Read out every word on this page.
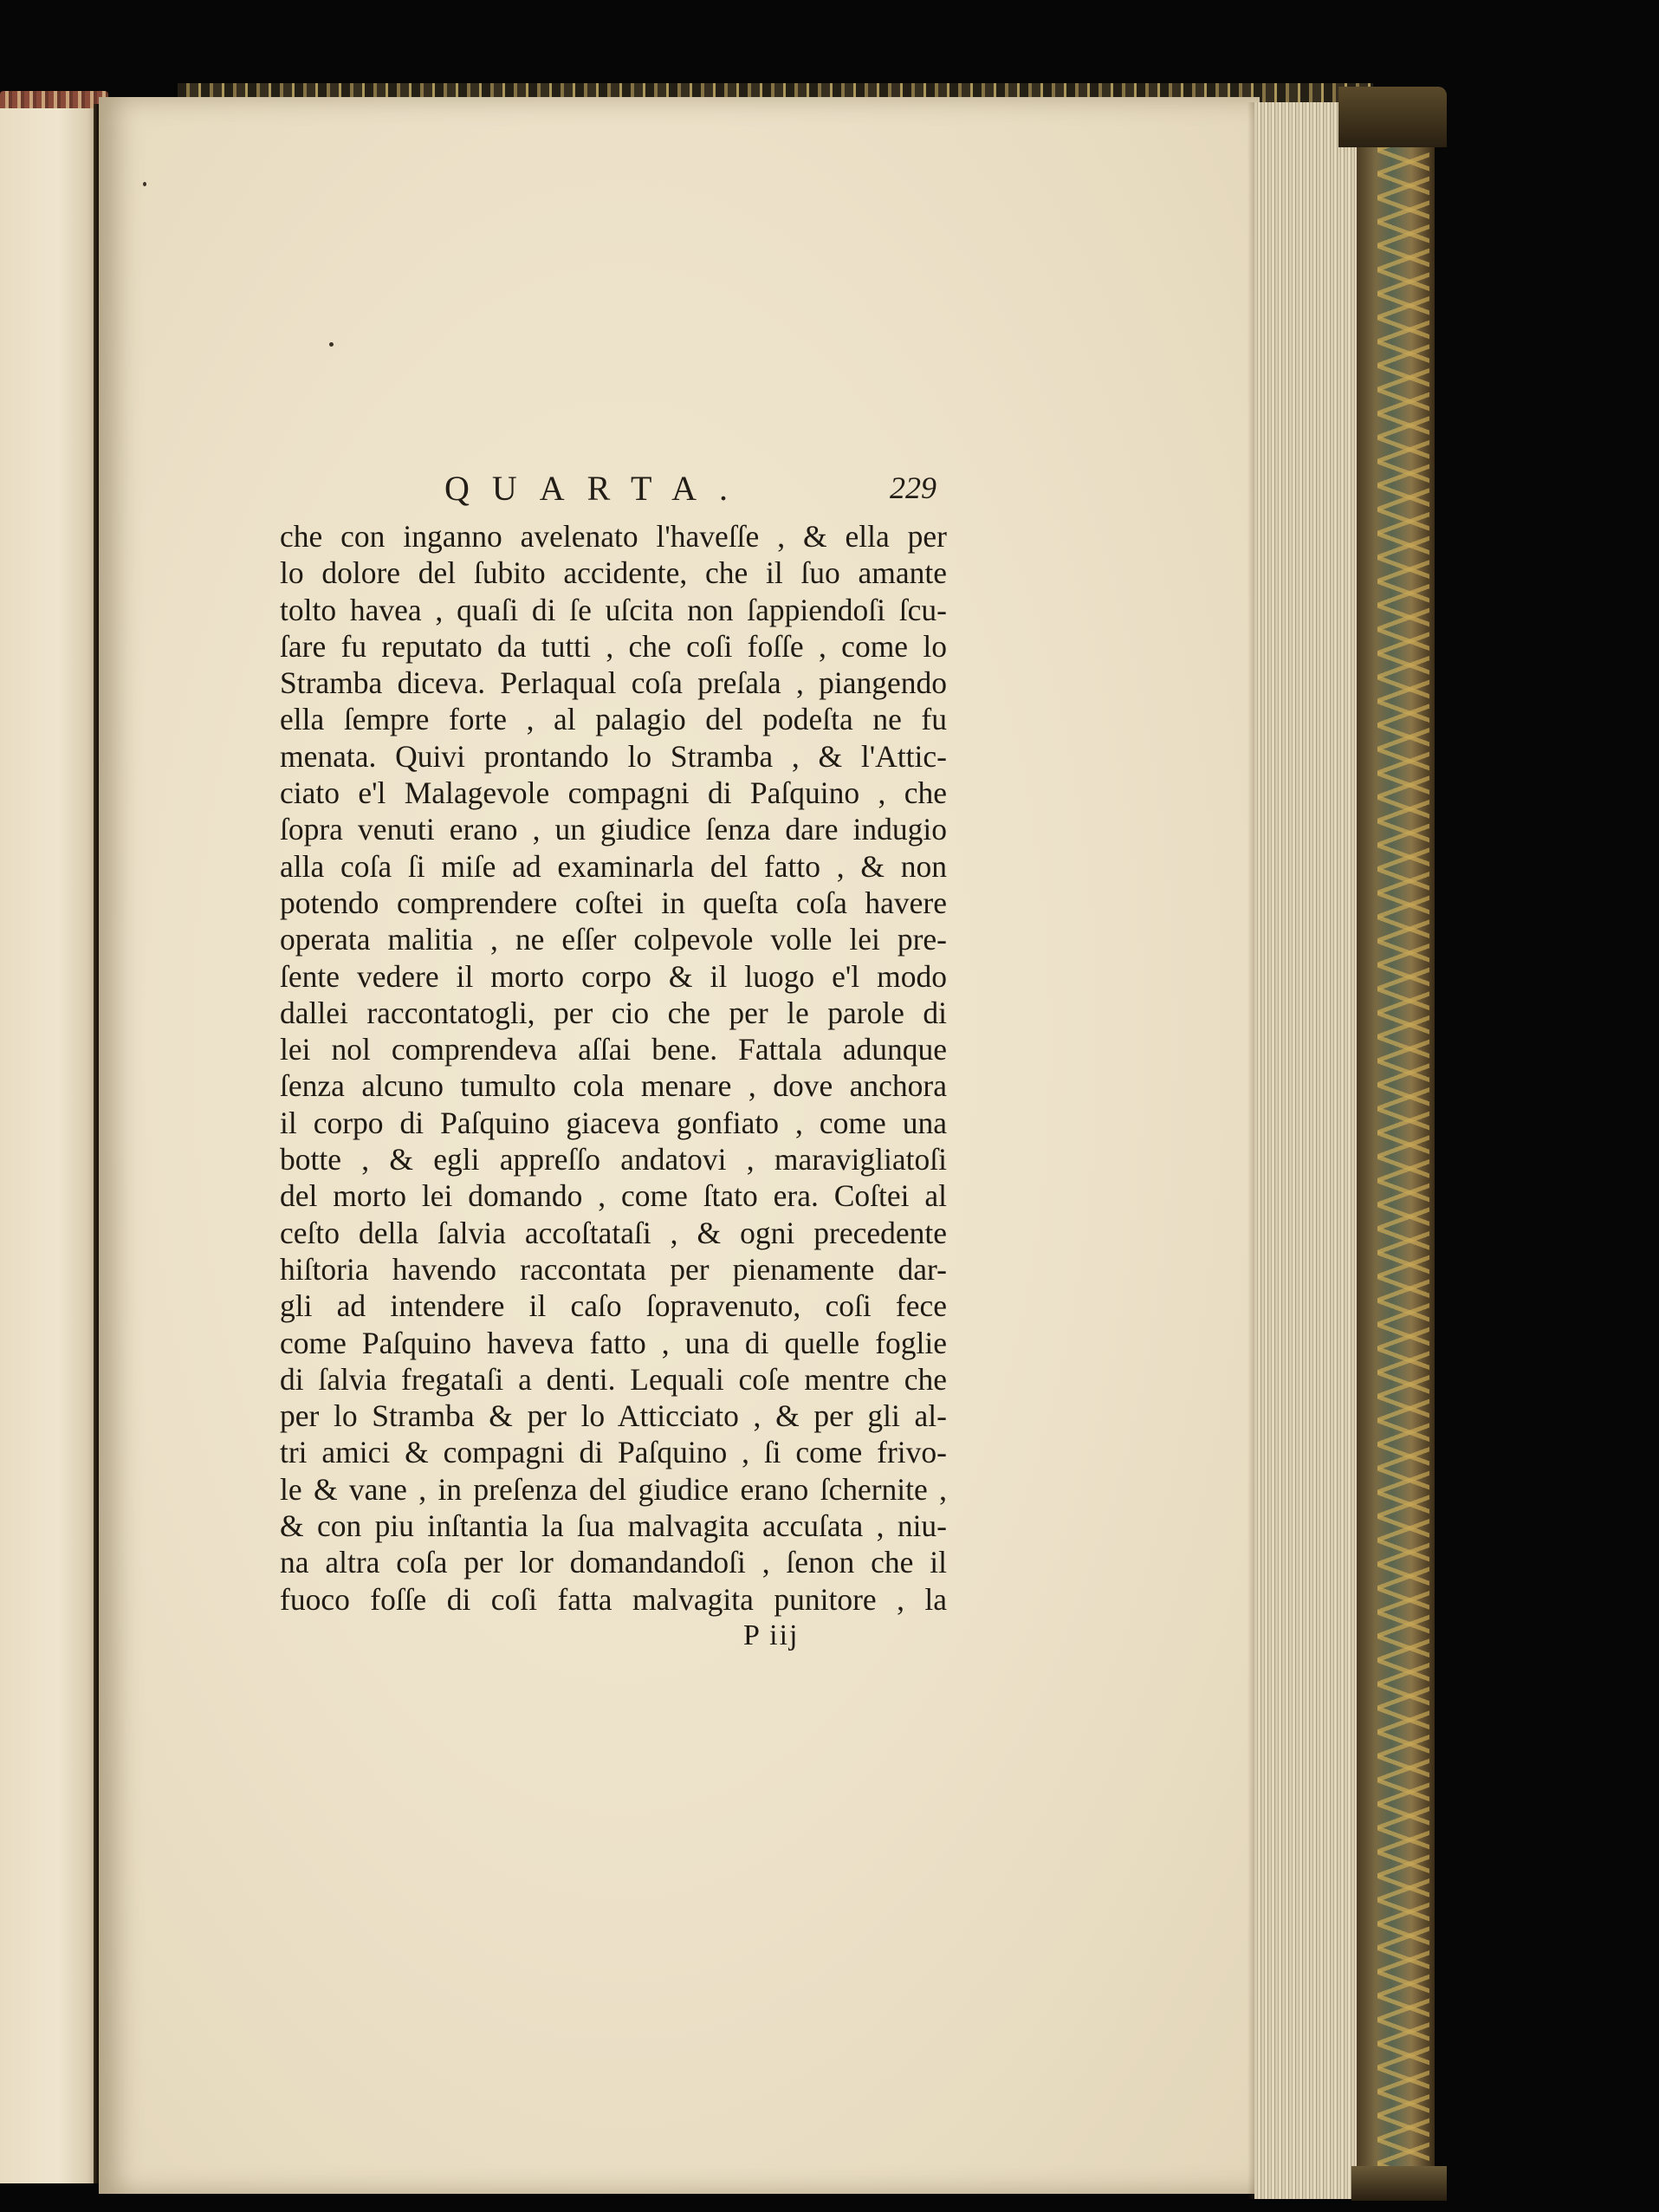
QUARTA.	229
che con inganno avelenato l'haveſſe , & ella per
lo dolore del ſubito accidente, che il ſuo amante
tolto havea , quaſi di ſe uſcita non ſappiendoſi ſcu-
ſare fu reputato da tutti , che coſi foſſe , come lo
Stramba diceva. Perlaqual coſa preſala , piangendo
ella ſempre forte , al palagio del podeſta ne fu
menata. Quivi prontando lo Stramba , & l'Attic-
ciato e'l Malagevole compagni di Paſquino , che
ſopra venuti erano , un giudice ſenza dare indugio
alla coſa ſi miſe ad examinarla del fatto , & non
potendo comprendere coſtei in queſta coſa havere
operata malitia , ne eſſer colpevole volle lei pre-
ſente vedere il morto corpo & il luogo e'l modo
dallei raccontatogli, per cio che per le parole di
lei nol comprendeva aſſai bene. Fattala adunque
ſenza alcuno tumulto cola menare , dove anchora
il corpo di Paſquino giaceva gonfiato , come una
botte , & egli appreſſo andatovi , maravigliatoſi
del morto lei domando , come ſtato era. Coſtei al
ceſto della ſalvia accoſtataſi , & ogni precedente
hiſtoria havendo raccontata per pienamente dar-
gli ad intendere il caſo ſopravenuto, coſi fece
come Paſquino haveva fatto , una di quelle foglie
di ſalvia fregataſi a denti. Lequali coſe mentre che
per lo Stramba & per lo Atticciato , & per gli al-
tri amici & compagni di Paſquino , ſi come frivo-
le & vane , in preſenza del giudice erano ſchernite ,
& con piu inſtantia la ſua malvagita accuſata , niu-
na altra coſa per lor domandandoſi , ſenon che il
fuoco foſſe di coſi fatta malvagita punitore , la
P iij
